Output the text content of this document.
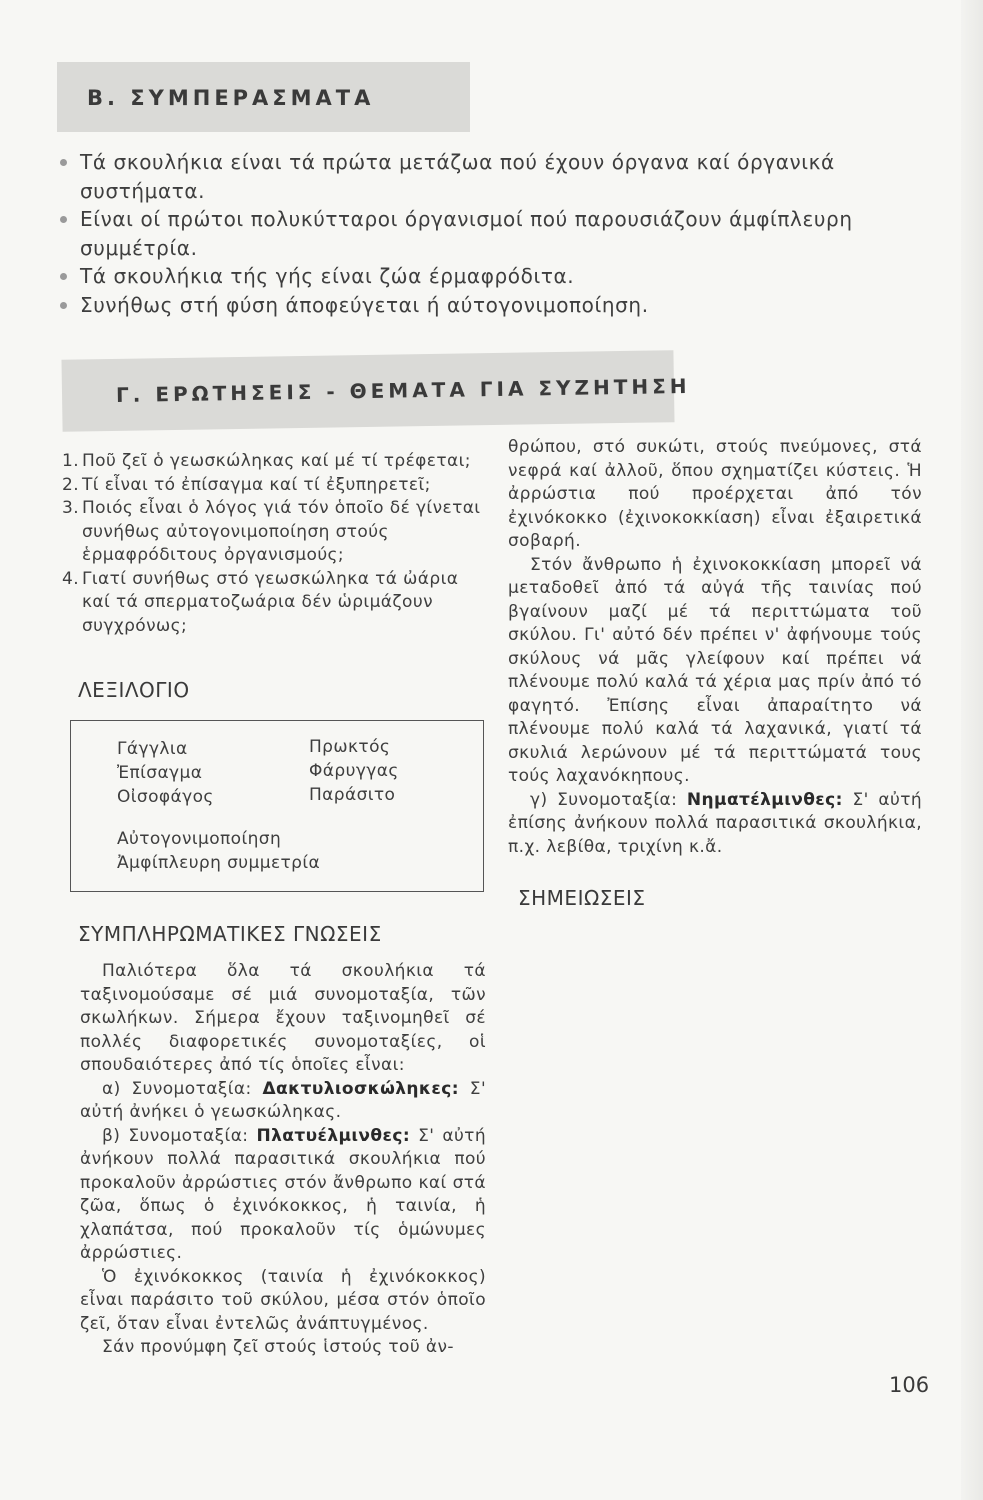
Β. ΣΥΜΠΕΡΑΣΜΑΤΑ
Τά σκουλήκια είναι τά πρώτα μετάζωα πού έχουν όργανα καί όργανικά συστήματα.
Είναι οί πρώτοι πολυκύτταροι όργανισμοί πού παρουσιάζουν άμφίπλευρη συμμέτρία.
Τά σκουλήκια τής γής είναι ζώα έρμαφρόδιτα.
Συνήθως στή φύση άποφεύγεται ή αύτογονιμοποίηση.
Γ. ΕΡΩΤΗΣΕΙΣ - ΘΕΜΑΤΑ ΓΙΑ ΣΥΖΗΤΗΣΗ
1. Ποῦ ζεῖ ὁ γεωσκώληκας καί μέ τί τρέφεται;
2. Τί εἶναι τό ἐπίσαγμα καί τί ἐξυπηρετεῖ;
3. Ποιός εἶναι ὁ λόγος γιά τόν ὁποῖο δέ γίνεται συνήθως αὐτογονιμοποίηση στούς ἑρμαφρόδιτους ὀργανισμούς;
4. Γιατί συνήθως στό γεωσκώληκα τά ὠάρια καί τά σπερματοζωάρια δέν ὡριμάζουν συγχρόνως;
ΛΕΞΙΛΟΓΙΟ
Γάγγλια
Ἐπίσαγμα
Οἰσοφάγος
Πρωκτός
Φάρυγγας
Παράσιτο
Αὐτογονιμοποίηση
Ἀμφίπλευρη συμμετρία
ΣΥΜΠΛΗΡΩΜΑΤΙΚΕΣ ΓΝΩΣΕΙΣ
Παλιότερα ὅλα τά σκουλήκια τά ταξινομούσαμε σέ μιά συνομοταξία, τῶν σκωλήκων. Σήμερα ἔχουν ταξινομηθεῖ σέ πολλές διαφορετικές συνομοταξίες, οἱ σπουδαιότερες ἀπό τίς ὁποῖες εἶναι:
α) Συνομοταξία: Δακτυλιοσκώληκες: Σ' αὐτή ἀνήκει ὁ γεωσκώληκας.
β) Συνομοταξία: Πλατυέλμινθες: Σ' αὐτή ἀνήκουν πολλά παρασιτικά σκουλήκια πού προκαλοῦν ἀρρώστιες στόν ἄνθρωπο καί στά ζῶα, ὅπως ὁ ἐχινόκοκκος, ἡ ταινία, ἡ χλαπάτσα, πού προκαλοῦν τίς ὁμώνυμες ἀρρώστιες.
Ὁ ἐχινόκοκκος (ταινία ἡ ἐχινόκοκκος) εἶναι παράσιτο τοῦ σκύλου, μέσα στόν ὁποῖο ζεῖ, ὅταν εἶναι ἐντελῶς ἀνάπτυγμένος.
Σάν προνύμφη ζεῖ στούς ἱστούς τοῦ ἀν-
θρώπου, στό συκώτι, στούς πνεύμονες, στά νεφρά καί ἀλλοῦ, ὅπου σχηματίζει κύστεις. Ἡ ἀρρώστια πού προέρχεται ἀπό τόν ἐχινόκοκκο (ἐχινοκοκκίαση) εἶναι ἐξαιρετικά σοβαρή.
Στόν ἄνθρωπο ἡ ἐχινοκοκκίαση μπορεῖ νά μεταδοθεῖ ἀπό τά αὐγά τῆς ταινίας πού βγαίνουν μαζί μέ τά περιττώματα τοῦ σκύλου. Γι' αὐτό δέν πρέπει ν' ἀφήνουμε τούς σκύλους νά μᾶς γλείφουν καί πρέπει νά πλένουμε πολύ καλά τά χέρια μας πρίν ἀπό τό φαγητό. Ἐπίσης εἶναι ἀπαραίτητο νά πλένουμε πολύ καλά τά λαχανικά, γιατί τά σκυλιά λερώνουν μέ τά περιττώματά τους τούς λαχανόκηπους.
γ) Συνομοταξία: Νηματέλμινθες: Σ' αὐτή ἐπίσης ἀνήκουν πολλά παρασιτικά σκουλήκια, π.χ. λεβίθα, τριχίνη κ.ἄ.
ΣΗΜΕΙΩΣΕΙΣ
106
